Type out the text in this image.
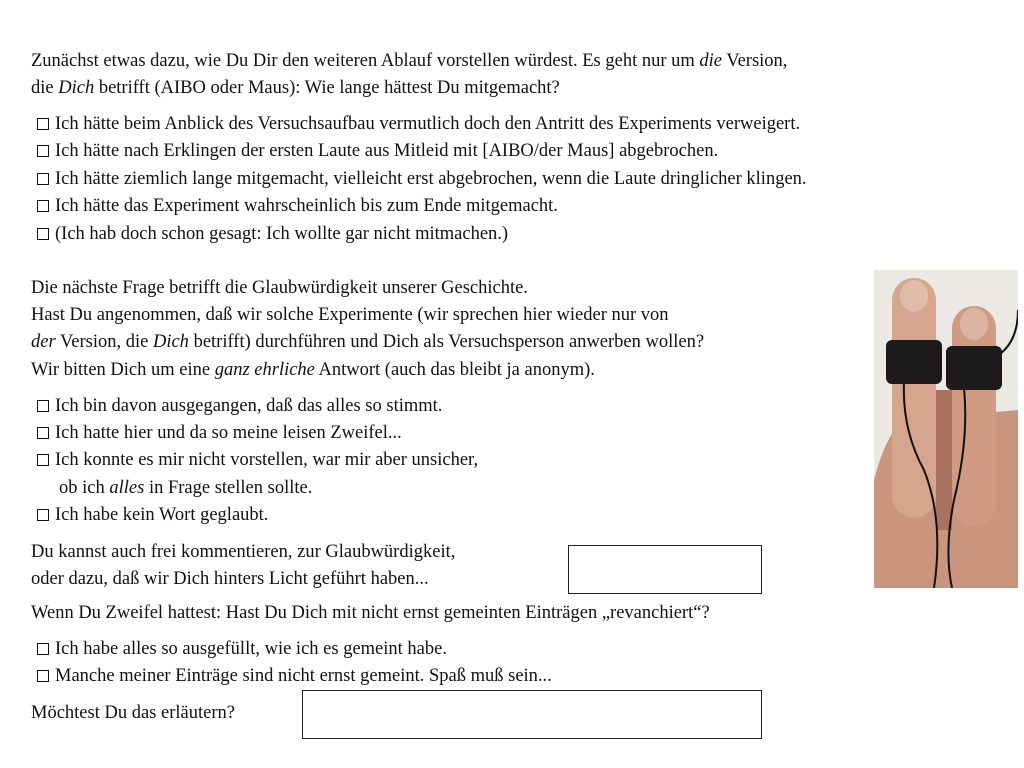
Zunächst etwas dazu, wie Du Dir den weiteren Ablauf vorstellen würdest. Es geht nur um die Version,
die Dich betrifft (AIBO oder Maus): Wie lange hättest Du mitgemacht?
Ich hätte beim Anblick des Versuchsaufbau vermutlich doch den Antritt des Experiments verweigert.
Ich hätte nach Erklingen der ersten Laute aus Mitleid mit [AIBO/der Maus] abgebrochen.
Ich hätte ziemlich lange mitgemacht, vielleicht erst abgebrochen, wenn die Laute dringlicher klingen.
Ich hätte das Experiment wahrscheinlich bis zum Ende mitgemacht.
(Ich hab doch schon gesagt: Ich wollte gar nicht mitmachen.)
Die nächste Frage betrifft die Glaubwürdigkeit unserer Geschichte.
Hast Du angenommen, daß wir solche Experimente (wir sprechen hier wieder nur von
der Version, die Dich betrifft) durchführen und Dich als Versuchsperson anwerben wollen?
Wir bitten Dich um eine ganz ehrliche Antwort (auch das bleibt ja anonym).
Ich bin davon ausgegangen, daß das alles so stimmt.
Ich hatte hier und da so meine leisen Zweifel...
Ich konnte es mir nicht vorstellen, war mir aber unsicher,
ob ich alles in Frage stellen sollte.
Ich habe kein Wort geglaubt.
Du kannst auch frei kommentieren, zur Glaubwürdigkeit,
oder dazu, daß wir Dich hinters Licht geführt haben...
Wenn Du Zweifel hattest: Hast Du Dich mit nicht ernst gemeinten Einträgen „revanchiert“?
Ich habe alles so ausgefüllt, wie ich es gemeint habe.
Manche meiner Einträge sind nicht ernst gemeint. Spaß muß sein...
Möchtest Du das erläutern?
